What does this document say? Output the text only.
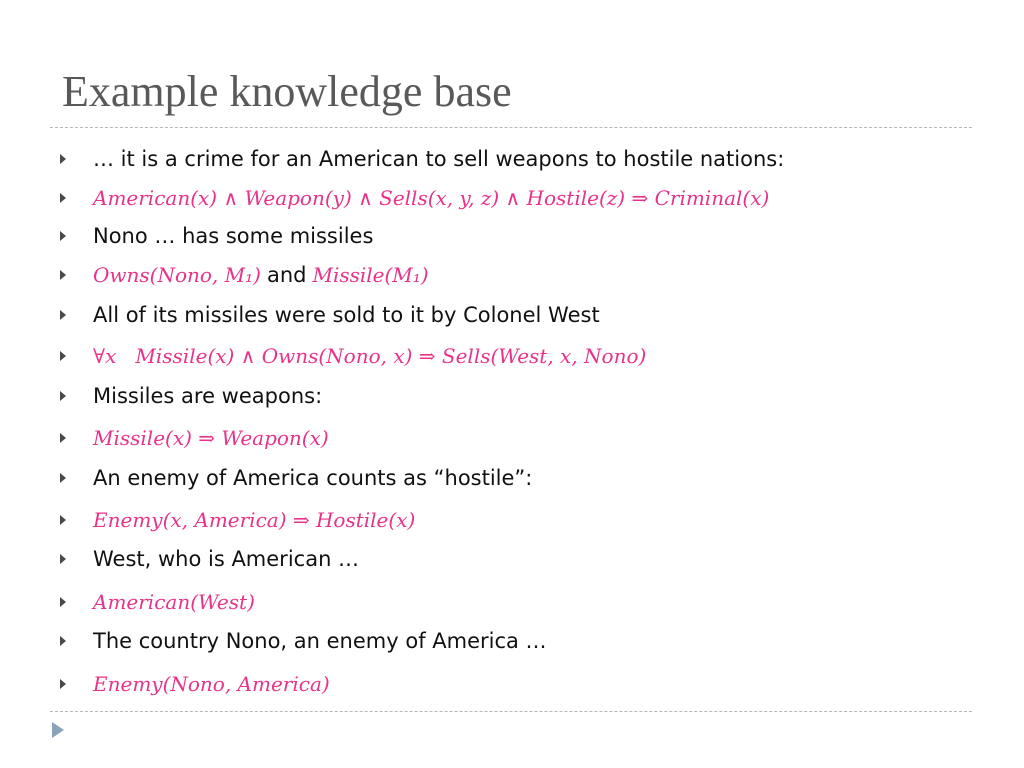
Example knowledge base
… it is a crime for an American to sell weapons to hostile nations:
American(x) ∧ Weapon(y) ∧ Sells(x, y, z) ∧ Hostile(z) ⇒ Criminal(x)
Nono … has some missiles
Owns(Nono, M₁) and Missile(M₁)
All of its missiles were sold to it by Colonel West
∀x   Missile(x) ∧ Owns(Nono, x) ⇒ Sells(West, x, Nono)
Missiles are weapons:
Missile(x) ⇒ Weapon(x)
An enemy of America counts as “hostile”:
Enemy(x, America) ⇒ Hostile(x)
West, who is American …
American(West)
The country Nono, an enemy of America …
Enemy(Nono, America)
